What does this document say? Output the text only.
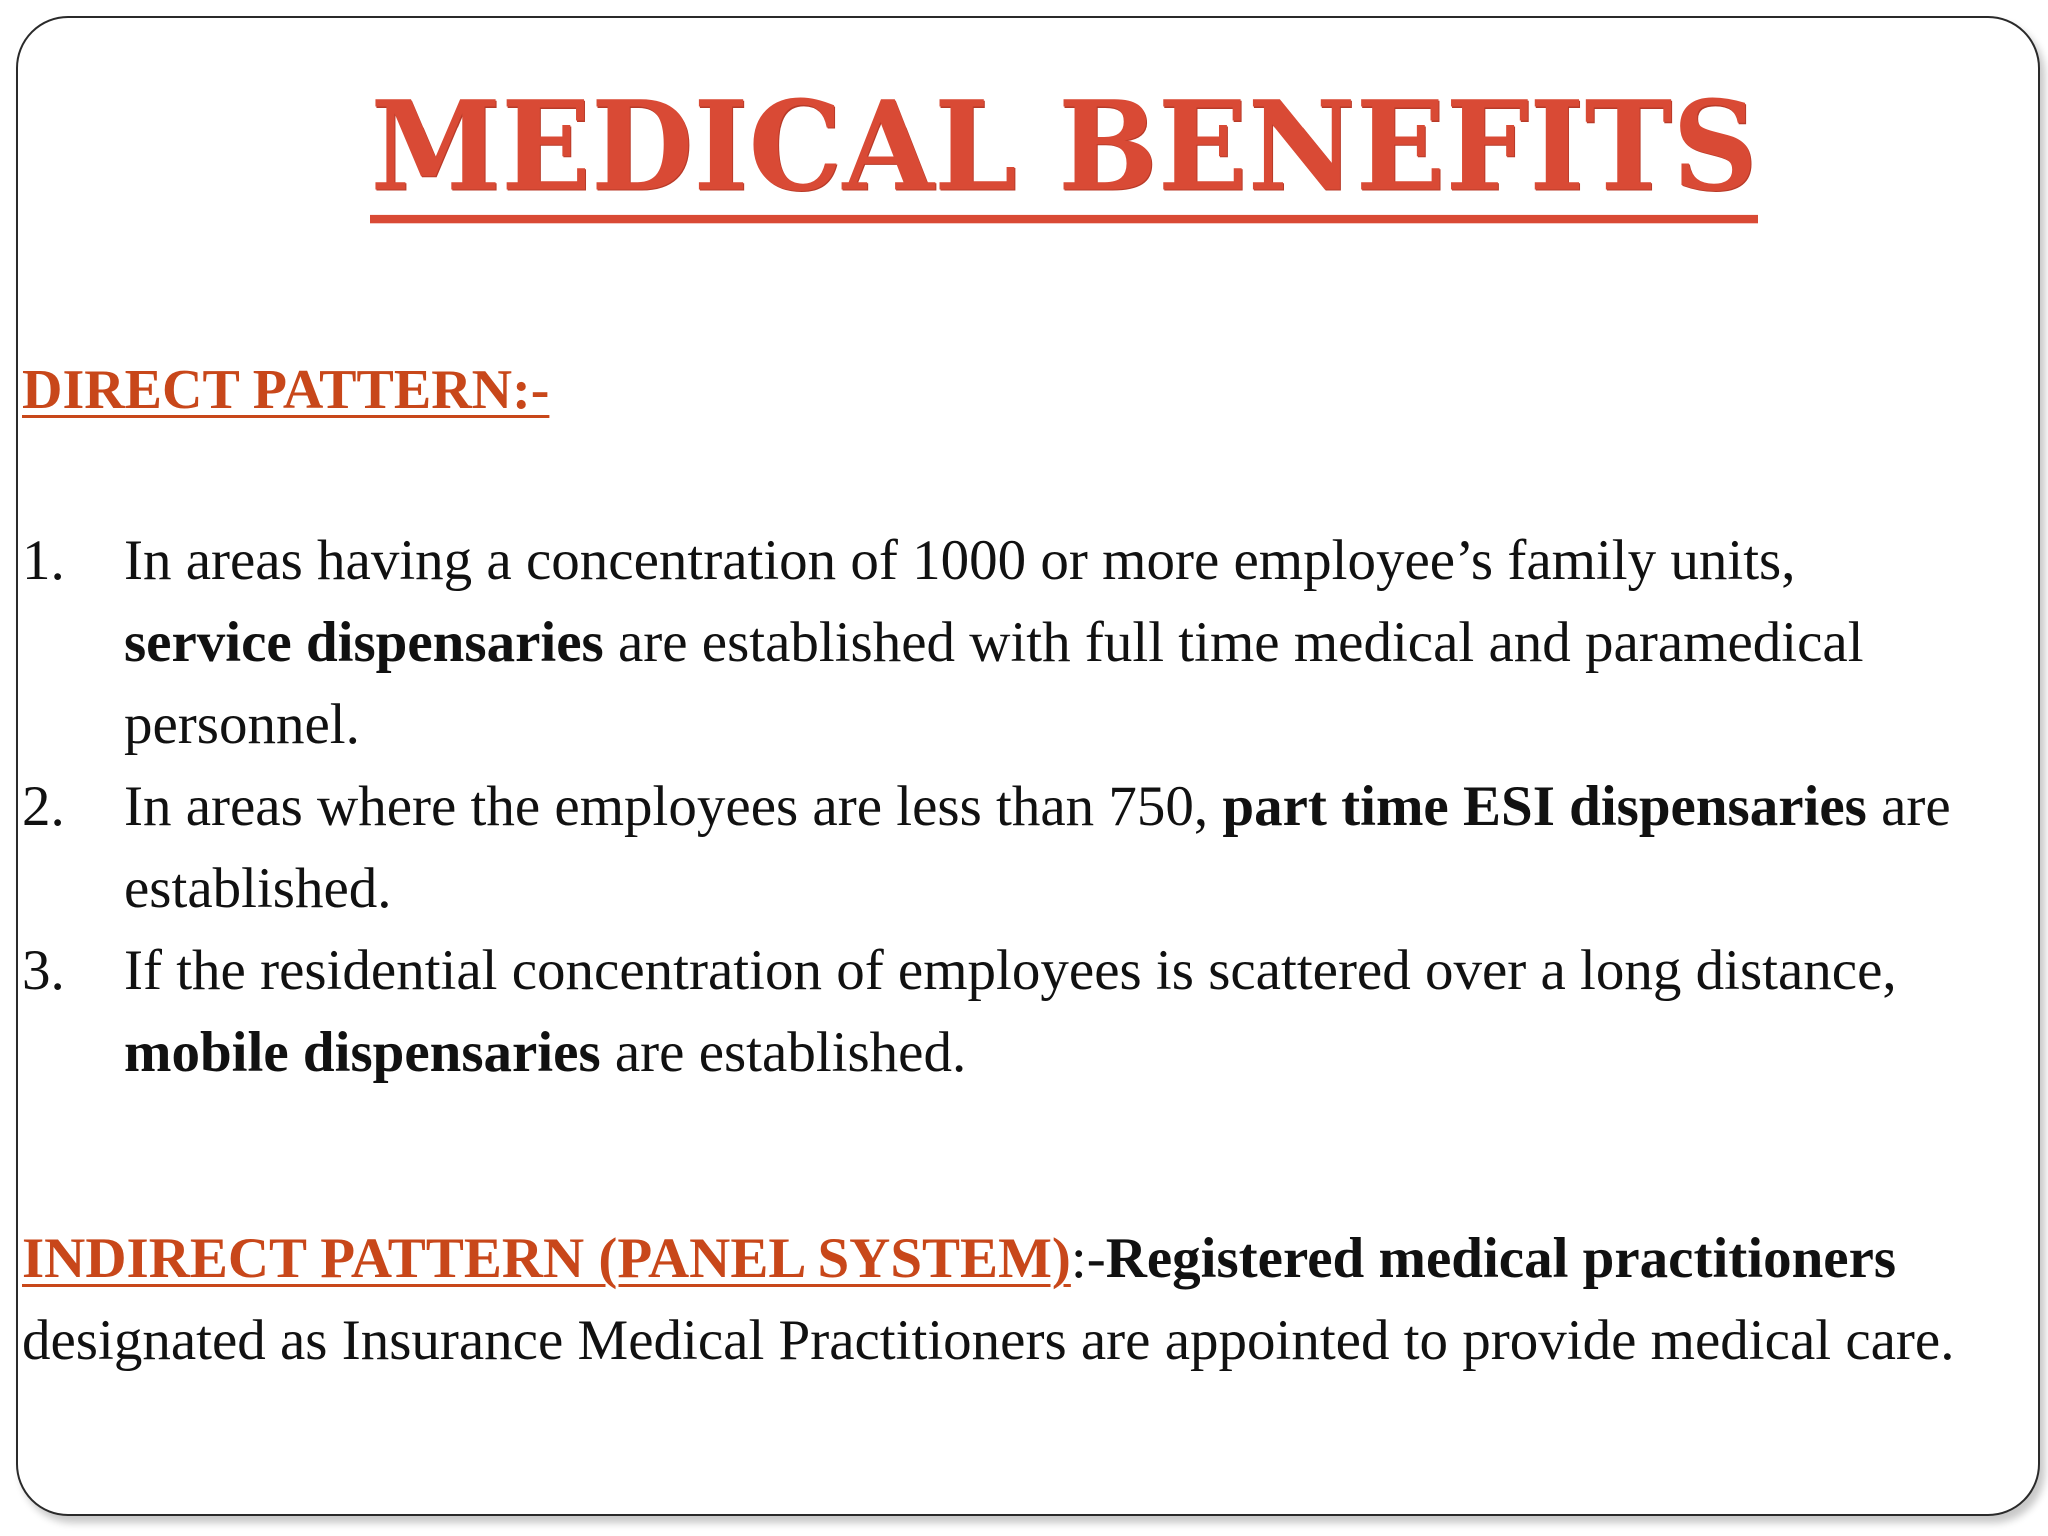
MEDICAL BENEFITS
DIRECT PATTERN:-
1. In areas having a concentration of 1000 or more employee’s family units,
service dispensaries are established with full time medical and paramedical personnel.
2. In areas where the employees are less than 750, part time ESI dispensaries are established.
3. If the residential concentration of employees is scattered over a long distance,
mobile dispensaries are established.

INDIRECT PATTERN (PANEL SYSTEM):-Registered medical practitioners designated as Insurance Medical Practitioners are appointed to provide medical care.
